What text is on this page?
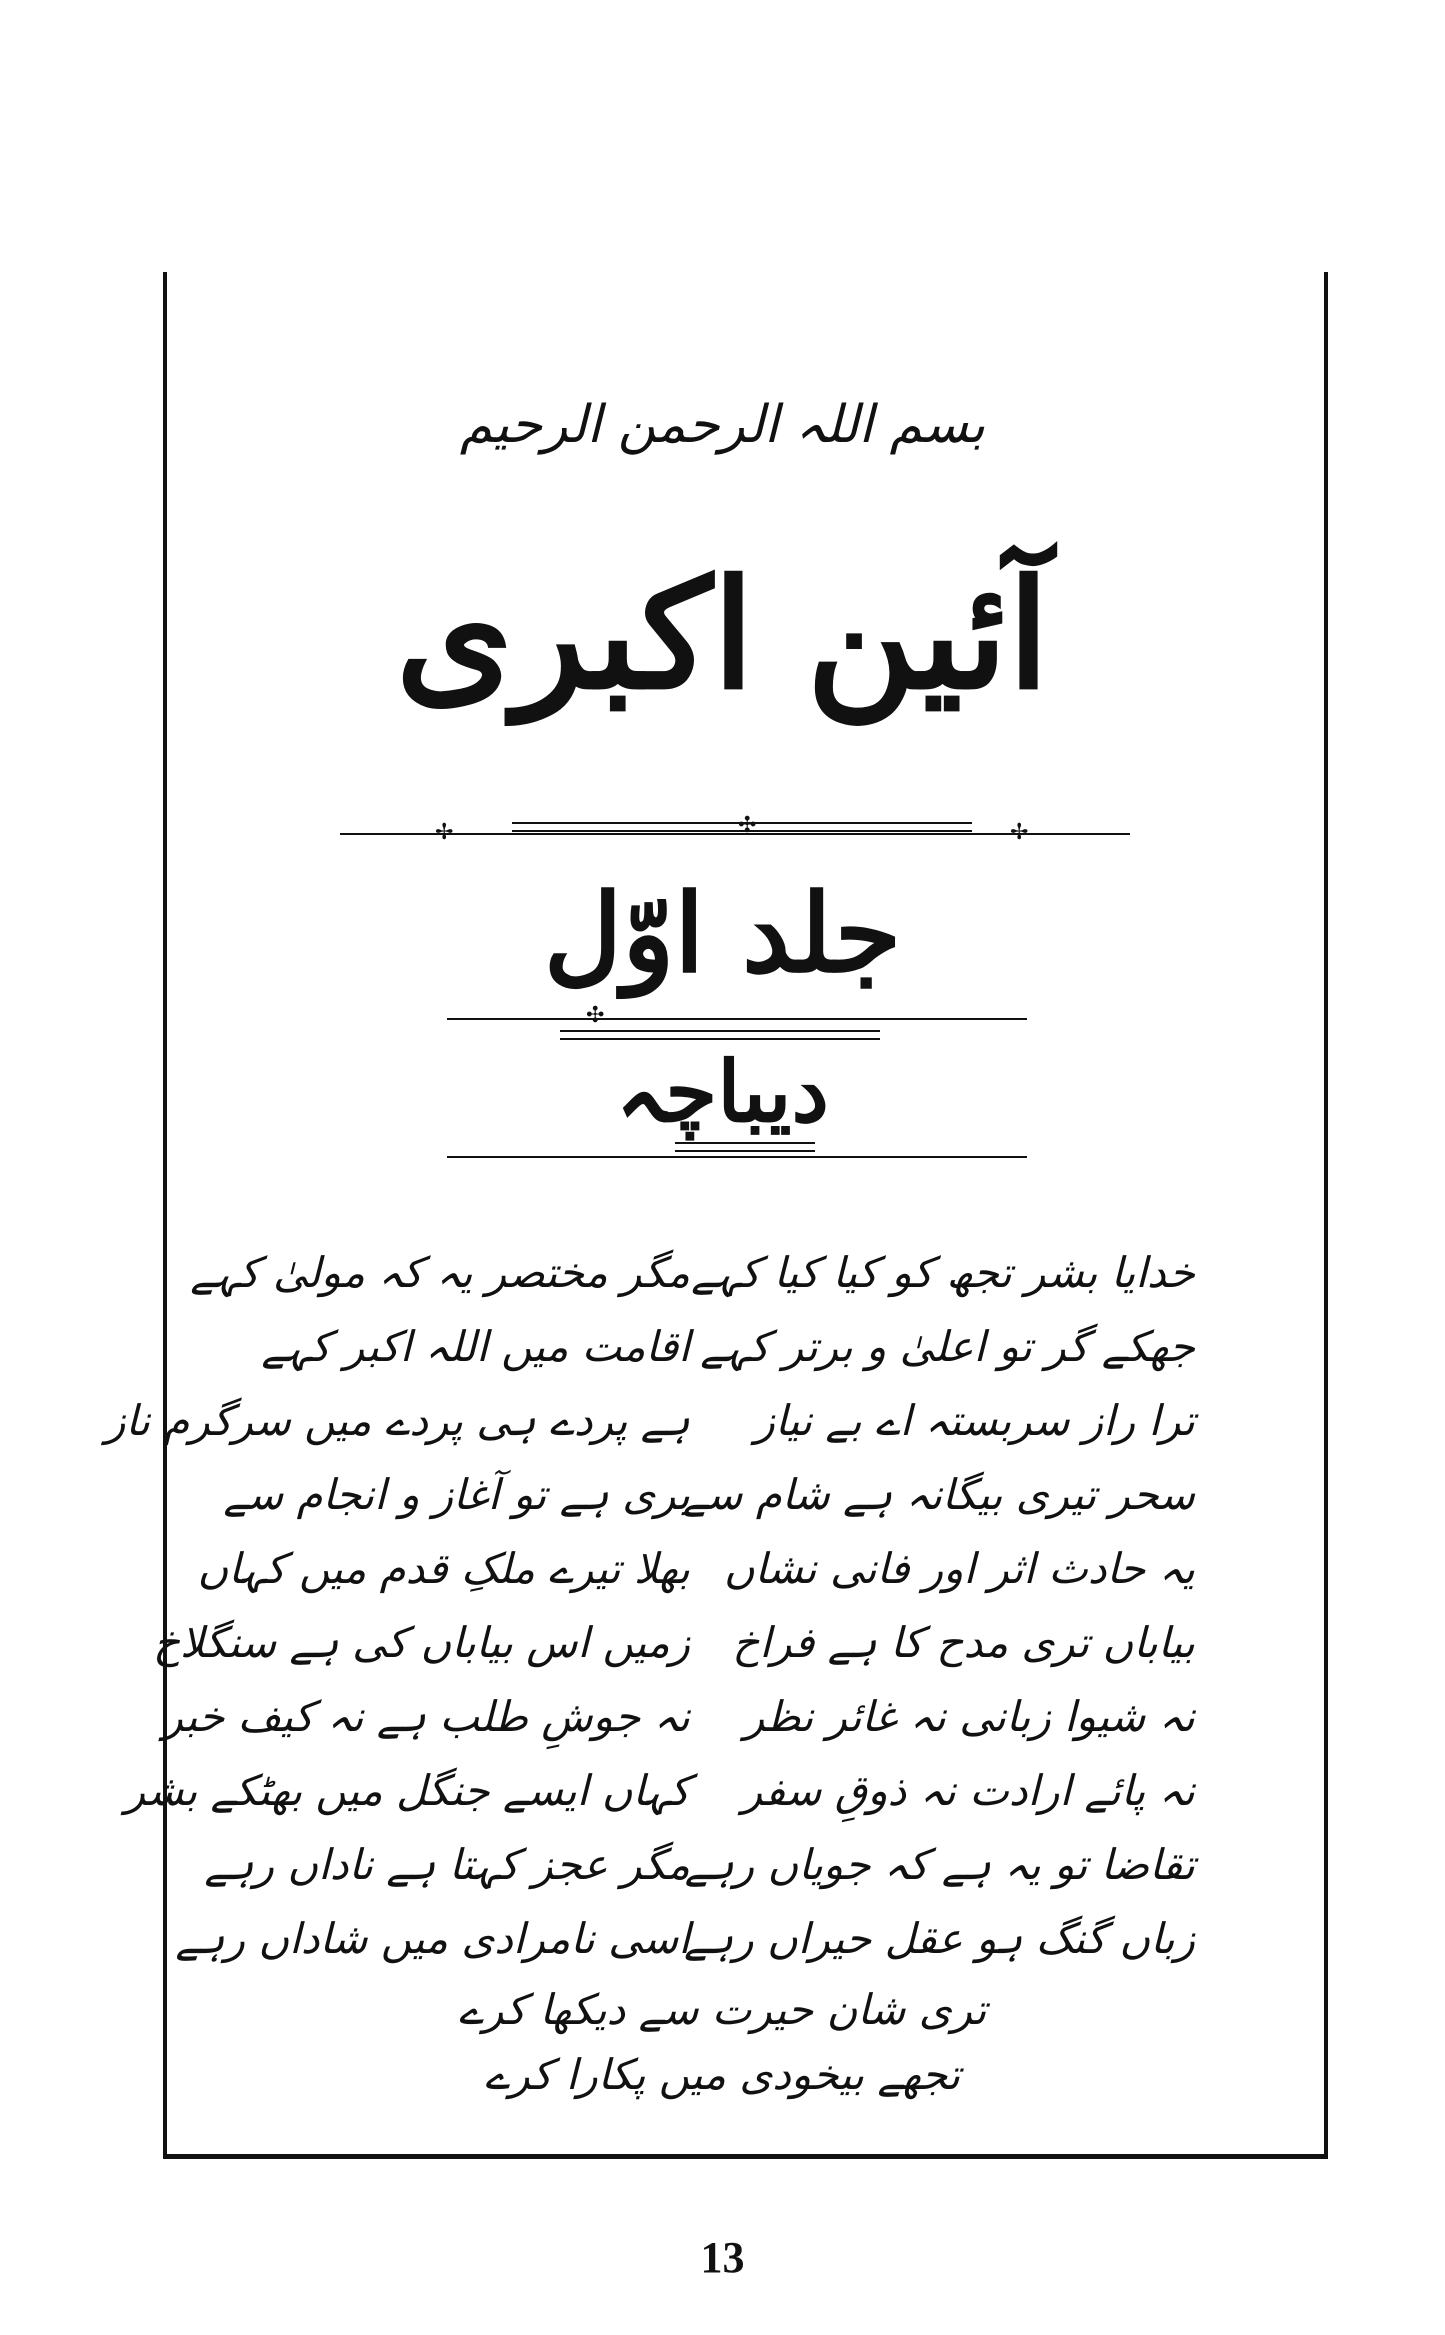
بسم اللہ الرحمن الرحیم
آئین اکبری
✢	✢
✣
جلد اوّل
✣
دیباچہ
خدایا بشر تجھ کو کیا کیا کہے
مگر مختصر یہ کہ مولیٰ کہے
جھکے گر تو اعلیٰ و برتر کہے
اقامت میں اللہ اکبر کہے
ترا راز سربستہ اے بے نیاز
ہے پردے ہی پردے میں سرگرم ناز
سحر تیری بیگانہ ہے شام سے
بری ہے تو آغاز و انجام سے
یہ حادث اثر اور فانی نشاں
بھلا تیرے ملکِ قدم میں کہاں
بیاباں تری مدح کا ہے فراخ
زمیں اس بیاباں کی ہے سنگلاخ
نہ شیوا زبانی نہ غائر نظر
نہ جوشِ طلب ہے نہ کیف خبر
نہ پائے ارادت نہ ذوقِ سفر
کہاں ایسے جنگل میں بھٹکے بشر
تقاضا تو یہ ہے کہ جویاں رہے
مگر عجز کہتا ہے ناداں رہے
زباں گنگ ہو عقل حیراں رہے
اسی نامرادی میں شاداں رہے
تری شان حیرت سے دیکھا کرے
تجھے بیخودی میں پکارا کرے
13
